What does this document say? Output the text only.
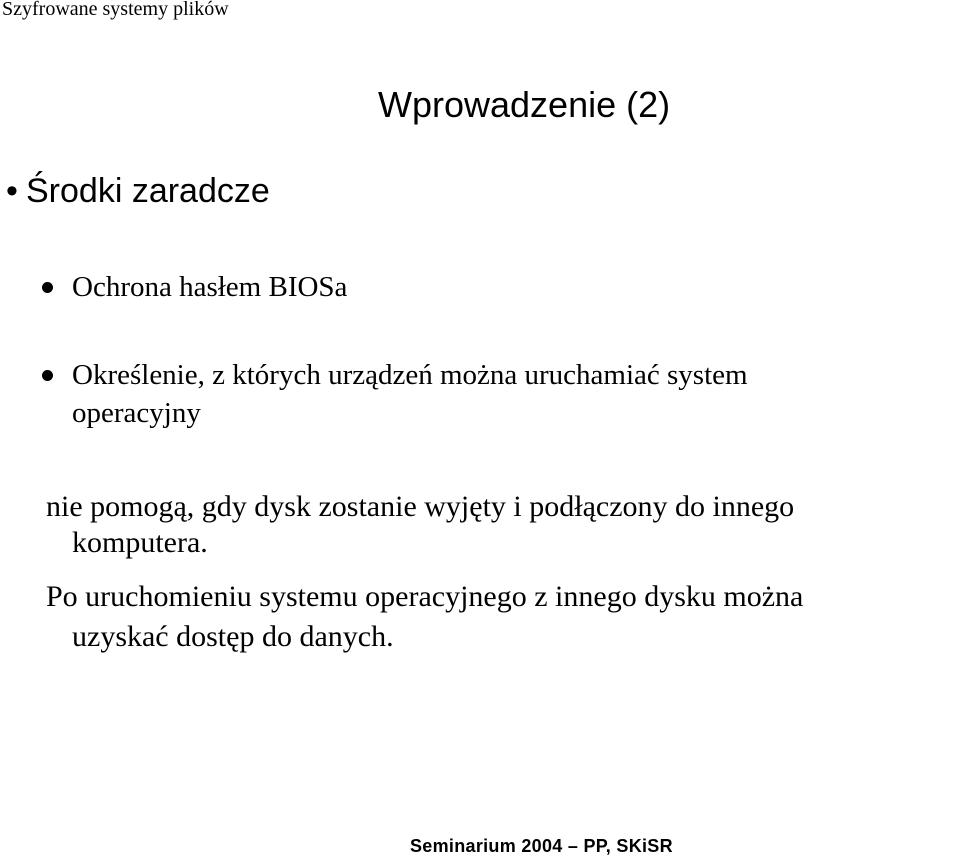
Szyfrowane systemy plików
Wprowadzenie (2)
• Środki zaradcze
Ochrona hasłem BIOSa
Określenie, z których urządzeń można uruchamiać system
operacyjny
nie pomogą, gdy dysk zostanie wyjęty i podłączony do innego
komputera.
Po uruchomieniu systemu operacyjnego z innego dysku można
uzyskać dostęp do danych.
Seminarium 2004 – PP, SKiSR
